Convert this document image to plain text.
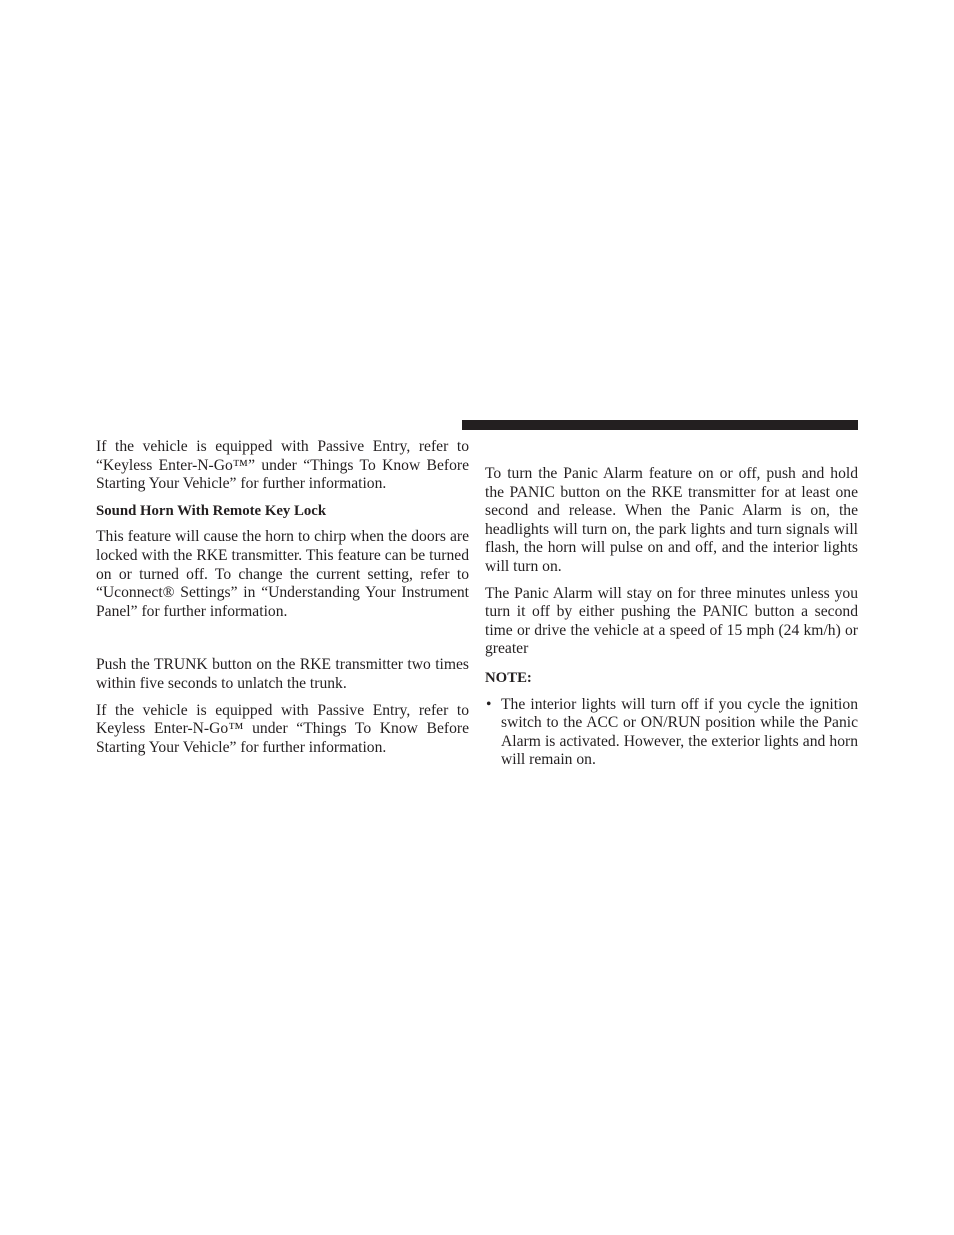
If the vehicle is equipped with Passive Entry, refer to “Keyless Enter-N-Go™” under “Things To Know Before Starting Your Vehicle” for further information.

Sound Horn With Remote Key Lock

This feature will cause the horn to chirp when the doors are locked with the RKE transmitter. This feature can be turned on or turned off. To change the current setting, refer to “Uconnect® Settings” in “Understanding Your Instrument Panel” for further information.

Push the TRUNK button on the RKE transmitter two times within five seconds to unlatch the trunk.

If the vehicle is equipped with Passive Entry, refer to Keyless Enter-N-Go™ under “Things To Know Before Starting Your Vehicle” for further information.

To turn the Panic Alarm feature on or off, push and hold the PANIC button on the RKE transmitter for at least one second and release. When the Panic Alarm is on, the headlights will turn on, the park lights and turn signals will flash, the horn will pulse on and off, and the interior lights will turn on.

The Panic Alarm will stay on for three minutes unless you turn it off by either pushing the PANIC button a second time or drive the vehicle at a speed of 15 mph (24 km/h) or greater

NOTE:

• The interior lights will turn off if you cycle the ignition switch to the ACC or ON/RUN position while the Panic Alarm is activated. However, the exterior lights and horn will remain on.
